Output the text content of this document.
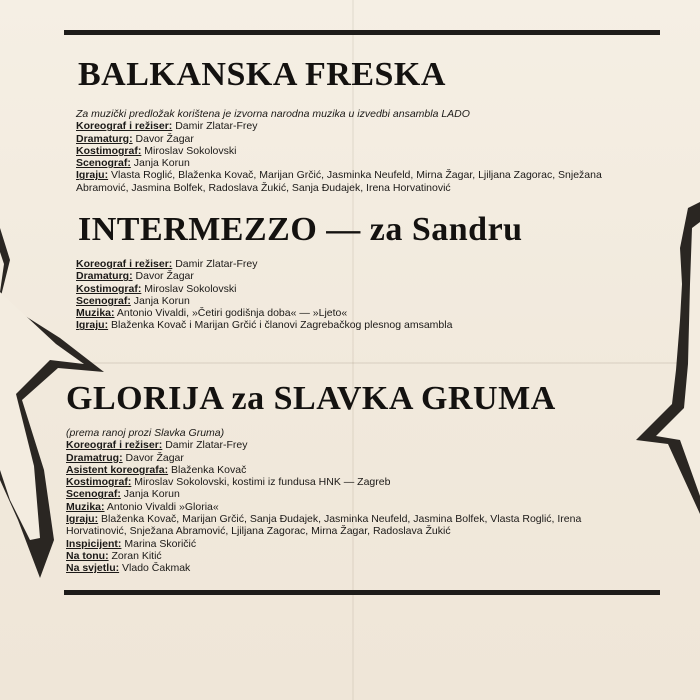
BALKANSKA FRESKA
Za muzički predložak korištena je izvorna narodna muzika u izvedbi ansambla LADO
Koreograf i režiser: Damir Zlatar-Frey
Dramaturg: Davor Žagar
Kostimograf: Miroslav Sokolovski
Scenograf: Janja Korun
Igraju: Vlasta Roglić, Blaženka Kovač, Marijan Grčić, Jasminka Neufeld, Mirna Žagar, Ljiljana Zagorac, Snježana
Abramović, Jasmina Bolfek, Radoslava Žukić, Sanja Đudajek, Irena Horvatinović
INTERMEZZO — za Sandru
Koreograf i režiser: Damir Zlatar-Frey
Dramaturg: Davor Žagar
Kostimograf: Miroslav Sokolovski
Scenograf: Janja Korun
Muzika: Antonio Vivaldi, »Četiri godišnja doba« — »Ljeto«
Igraju: Blaženka Kovač i Marijan Grčić i članovi Zagrebačkog plesnog amsambla
GLORIJA za SLAVKA GRUMA
(prema ranoj prozi Slavka Gruma)
Koreograf i režiser: Damir Zlatar-Frey
Dramatrug: Davor Žagar
Asistent koreografa: Blaženka Kovač
Kostimograf: Miroslav Sokolovski, kostimi iz fundusa HNK — Zagreb
Scenograf: Janja Korun
Muzika: Antonio Vivaldi »Gloria«
Igraju: Blaženka Kovač, Marijan Grčić, Sanja Đudajek, Jasminka Neufeld, Jasmina Bolfek, Vlasta Roglić, Irena
Horvatinović, Snježana Abramović, Ljiljana Zagorac, Mirna Žagar, Radoslava Žukić
Inspicijent: Marina Skoričić
Na tonu: Zoran Kitić
Na svjetlu: Vlado Čakmak
